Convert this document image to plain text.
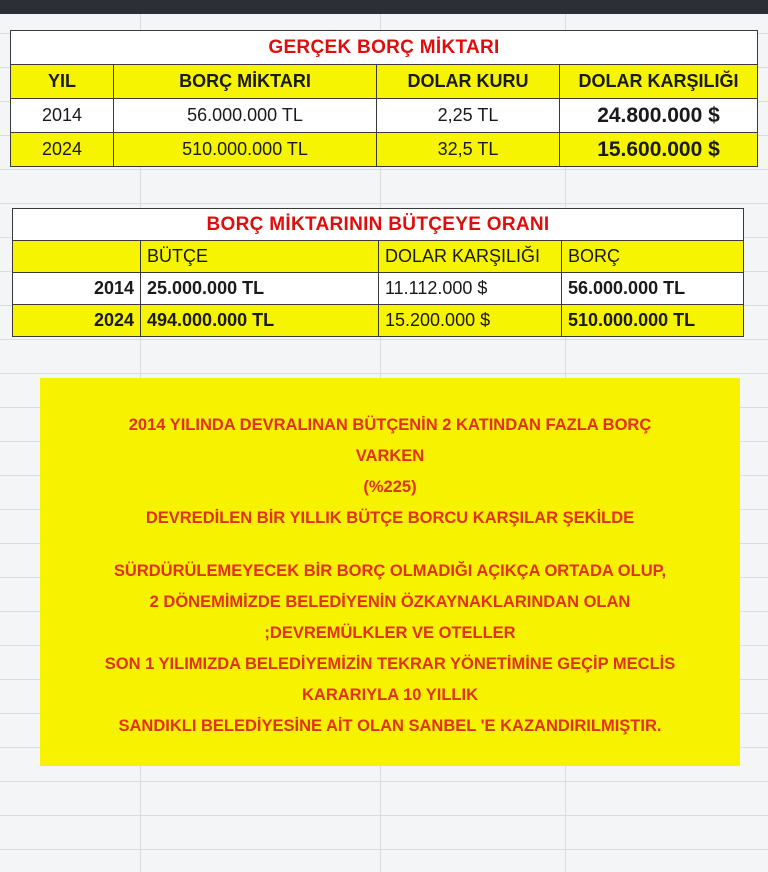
GERÇEK BORÇ MİKTARI			
YIL	BORÇ MİKTARI	DOLAR KURU	DOLAR KARŞILIĞI
2014	56.000.000 TL	2,25 TL	24.800.000 $
2024	510.000.000 TL	32,5 TL	15.600.000 $
BORÇ MİKTARININ BÜTÇEYE ORANI			
	BÜTÇE	DOLAR KARŞILIĞI	BORÇ
2014	25.000.000 TL	11.112.000 $	56.000.000 TL
2024	494.000.000 TL	15.200.000 $	510.000.000 TL

2014 YILINDA DEVRALINAN BÜTÇENİN 2 KATINDAN FAZLA BORÇ

VARKEN

(%225)

DEVREDİLEN BİR YILLIK BÜTÇE BORCU KARŞILAR ŞEKİLDE

SÜRDÜRÜLEMEYECEK BİR BORÇ OLMADIĞI AÇIKÇA ORTADA OLUP,

2 DÖNEMİMİZDE BELEDİYENİN ÖZKAYNAKLARINDAN OLAN

;DEVREMÜLKLER VE OTELLER

SON 1 YILIMIZDA BELEDİYEMİZİN TEKRAR YÖNETİMİNE GEÇİP MECLİS

KARARIYLA 10 YILLIK

SANDIKLI BELEDİYESİNE AİT OLAN SANBEL 'E KAZANDIRILMIŞTIR.
